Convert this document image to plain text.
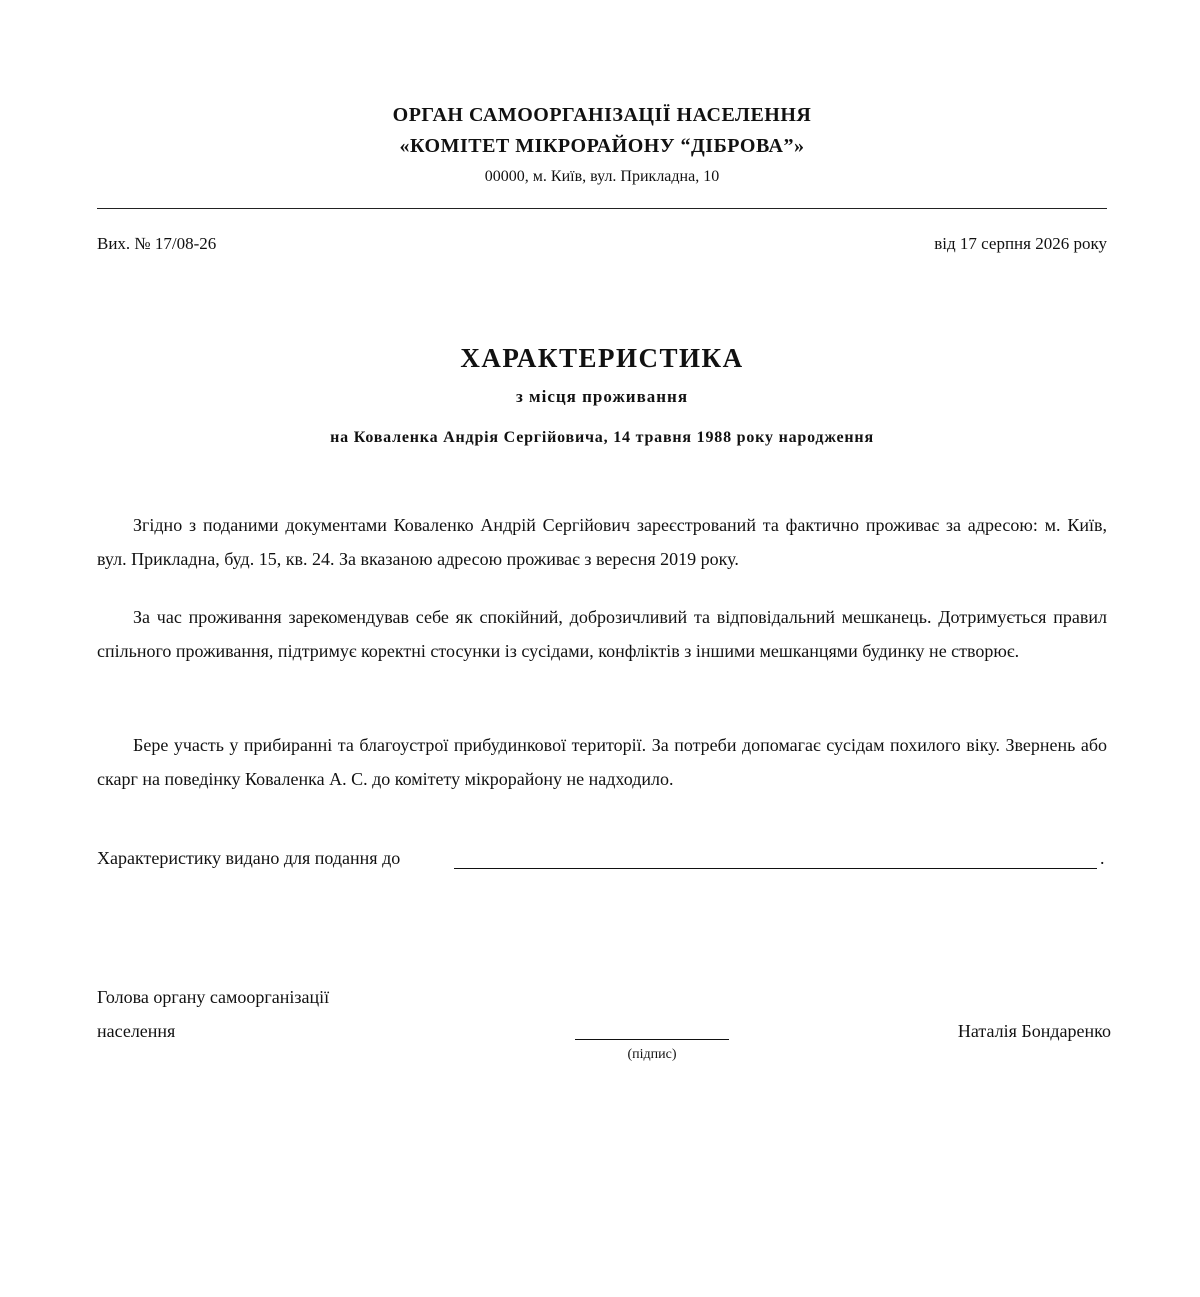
ОРГАН САМООРГАНІЗАЦІЇ НАСЕЛЕННЯ
«КОМІТЕТ МІКРОРАЙОНУ “ДІБРОВА”»
00000, м. Київ, вул. Прикладна, 10
Вих. № 17/08-26	від 17 серпня 2026 року
ХАРАКТЕРИСТИКА
з місця проживання
на Коваленка Андрія Сергійовича, 14 травня 1988 року народження

Згідно з поданими документами Коваленко Андрій Сергійович зареєстрований та фактично проживає за адресою: м. Київ, вул. Прикладна, буд. 15, кв. 24. За вказаною адресою проживає з вересня 2019 року.

За час проживання зарекомендував себе як спокійний, доброзичливий та відповідальний мешканець. Дотримується правил спільного проживання, підтримує коректні стосунки із сусідами, конфліктів з іншими мешканцями будинку не створює.

Бере участь у прибиранні та благоустрої прибудинкової території. За потреби допомагає сусідам похилого віку. Звернень або скарг на поведінку Коваленка А. С. до комітету мікрорайону не надходило.

Характеристику видано для подання до	.
Голова органу самоорганізації
населення
(підпис)
Наталія Бондаренко
